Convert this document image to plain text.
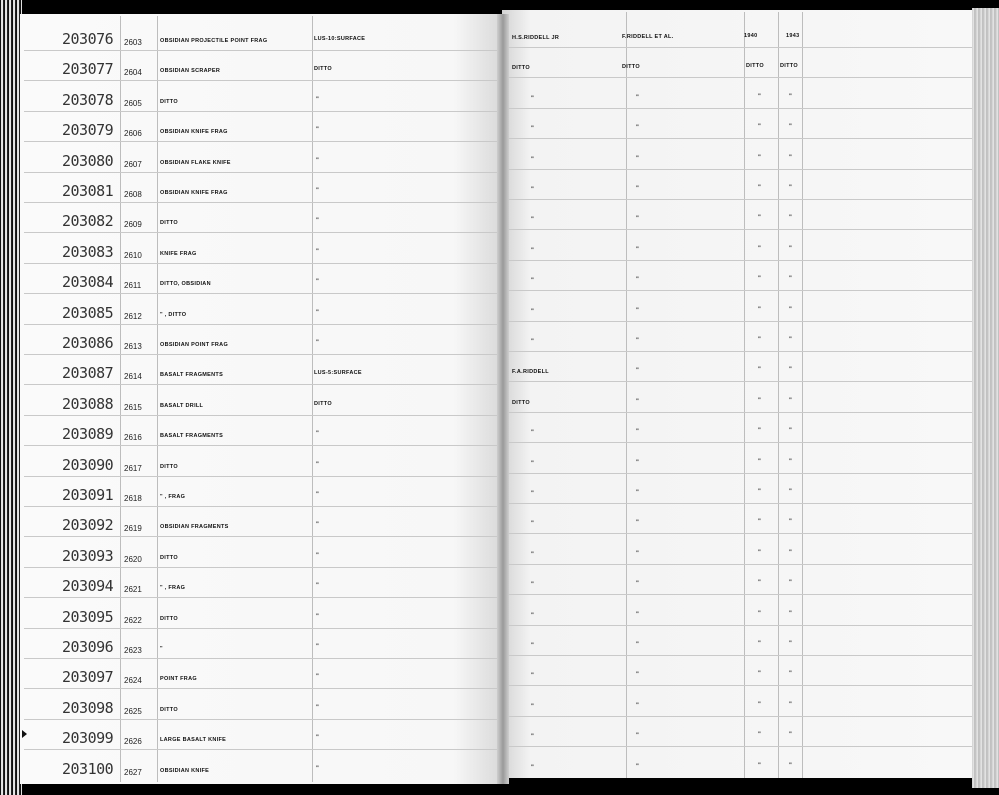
203076 2603	OBSIDIAN PROJECTILE POINT FRAG	LUS-10:SURFACE	H.S.RIDDELL JR	F.RIDDELL ET AL.	1940	1943
203077 2604	OBSIDIAN SCRAPER	DITTO	DITTO	DITTO	DITTO	DITTO
203078 2605	DITTO	"	"	"	"	"
203079 2606	OBSIDIAN KNIFE FRAG	"	"	"	"	"
203080 2607	OBSIDIAN FLAKE KNIFE	"	"	"	"	"
203081 2608	OBSIDIAN KNIFE FRAG	"	"	"	"	"
203082 2609	DITTO	"	"	"	"	"
203083 2610	KNIFE FRAG	"	"	"	"	"
203084 2611	DITTO, OBSIDIAN	"	"	"	"	"
203085 2612	" , DITTO	"	"	"	"	"
203086 2613	OBSIDIAN POINT FRAG	"	"	"	"	"
203087 2614	BASALT FRAGMENTS	LUS-5:SURFACE	F.A.RIDDELL	"	"	"
203088 2615	BASALT DRILL	DITTO	DITTO	"	"	"
203089 2616	BASALT FRAGMENTS	"	"	"	"	"
203090 2617	DITTO	"	"	"	"	"
203091 2618	" , FRAG	"	"	"	"	"
203092 2619	OBSIDIAN FRAGMENTS	"	"	"	"	"
203093 2620	DITTO	"	"	"	"	"
203094 2621	" , FRAG	"	"	"	"	"
203095 2622	DITTO	"	"	"	"	"
203096 2623	"	"	"	"	"	"
203097 2624	POINT FRAG	"	"	"	"	"
203098 2625	DITTO	"	"	"	"	"
203099 2626	LARGE BASALT KNIFE	"	"	"	"	"
203100 2627	OBSIDIAN KNIFE	"	"	"	"	"
